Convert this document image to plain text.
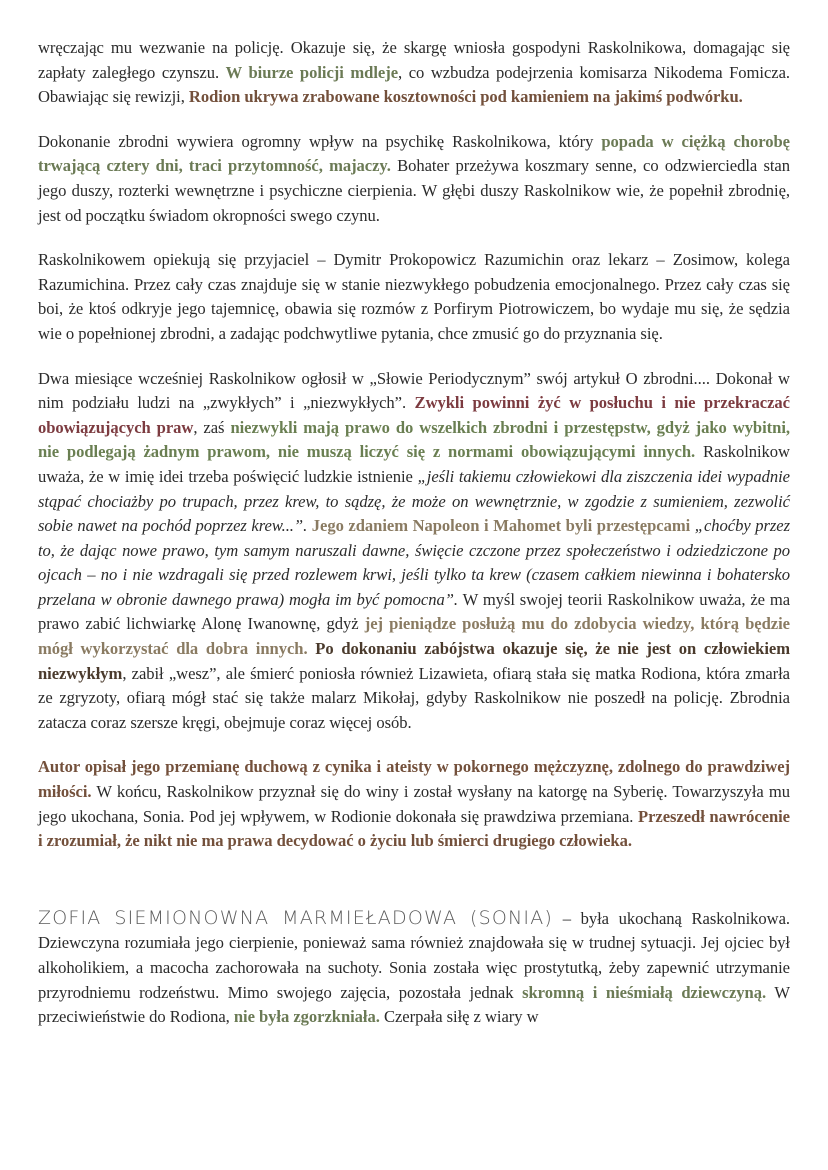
wręczając mu wezwanie na policję. Okazuje się, że skargę wniosła gospodyni Raskolnikowa, domagając się zapłaty zaległego czynszu. W biurze policji mdleje, co wzbudza podejrzenia komisarza Nikodema Fomicza. Obawiając się rewizji, Rodion ukrywa zrabowane kosztowności pod kamieniem na jakimś podwórku.

Dokonanie zbrodni wywiera ogromny wpływ na psychikę Raskolnikowa, który popada w ciężką chorobę trwającą cztery dni, traci przytomność, majaczy. Bohater przeżywa koszmary senne, co odzwierciedla stan jego duszy, rozterki wewnętrzne i psychiczne cierpienia. W głębi duszy Raskolnikow wie, że popełnił zbrodnię, jest od początku świadom okropności swego czynu.

Raskolnikowem opiekują się przyjaciel – Dymitr Prokopowicz Razumichin oraz lekarz – Zosimow, kolega Razumichina. Przez cały czas znajduje się w stanie niezwykłego pobudzenia emocjonalnego. Przez cały czas się boi, że ktoś odkryje jego tajemnicę, obawia się rozmów z Porfirym Piotrowiczem, bo wydaje mu się, że sędzia wie o popełnionej zbrodni, a zadając podchwytliwe pytania, chce zmusić go do przyznania się.

Dwa miesiące wcześniej Raskolnikow ogłosił w „Słowie Periodycznym” swój artykuł O zbrodni.... Dokonał w nim podziału ludzi na „zwykłych” i „niezwykłych”. Zwykli powinni żyć w posłuchu i nie przekraczać obowiązujących praw, zaś niezwykli mają prawo do wszelkich zbrodni i przestępstw, gdyż jako wybitni, nie podlegają żadnym prawom, nie muszą liczyć się z normami obowiązującymi innych. Raskolnikow uważa, że w imię idei trzeba poświęcić ludzkie istnienie „jeśli takiemu człowiekowi dla ziszczenia idei wypadnie stąpać chociażby po trupach, przez krew, to sądzę, że może on wewnętrznie, w zgodzie z sumieniem, zezwolić sobie nawet na pochód poprzez krew...”. Jego zdaniem Napoleon i Mahomet byli przestępcami „choćby przez to, że dając nowe prawo, tym samym naruszali dawne, święcie czczone przez społeczeństwo i odziedziczone po ojcach – no i nie wzdragali się przed rozlewem krwi, jeśli tylko ta krew (czasem całkiem niewinna i bohatersko przelana w obronie dawnego prawa) mogła im być pomocna”. W myśl swojej teorii Raskolnikow uważa, że ma prawo zabić lichwiarkę Alonę Iwanownę, gdyż jej pieniądze posłużą mu do zdobycia wiedzy, którą będzie mógł wykorzystać dla dobra innych. Po dokonaniu zabójstwa okazuje się, że nie jest on człowiekiem niezwykłym, zabił „wesz”, ale śmierć poniosła również Lizawieta, ofiarą stała się matka Rodiona, która zmarła ze zgryzoty, ofiarą mógł stać się także malarz Mikołaj, gdyby Raskolnikow nie poszedł na policję. Zbrodnia zatacza coraz szersze kręgi, obejmuje coraz więcej osób.

Autor opisał jego przemianę duchową z cynika i ateisty w pokornego mężczyznę, zdolnego do prawdziwej miłości. W końcu, Raskolnikow przyznał się do winy i został wysłany na katorgę na Syberię. Towarzyszyła mu jego ukochana, Sonia. Pod jej wpływem, w Rodionie dokonała się prawdziwa przemiana. Przeszedł nawrócenie i zrozumiał, że nikt nie ma prawa decydować o życiu lub śmierci drugiego człowieka.

ZOFIA SIEMIONOWNA MARMIEŁADOWA (SONIA) – była ukochaną Raskolnikowa. Dziewczyna rozumiała jego cierpienie, ponieważ sama również znajdowała się w trudnej sytuacji. Jej ojciec był alkoholikiem, a macocha zachorowała na suchoty. Sonia została więc prostytutką, żeby zapewnić utrzymanie przyrodniemu rodzeństwu. Mimo swojego zajęcia, pozostała jednak skromną i nieśmiałą dziewczyną. W przeciwieństwie do Rodiona, nie była zgorzkniała. Czerpała siłę z wiary w
